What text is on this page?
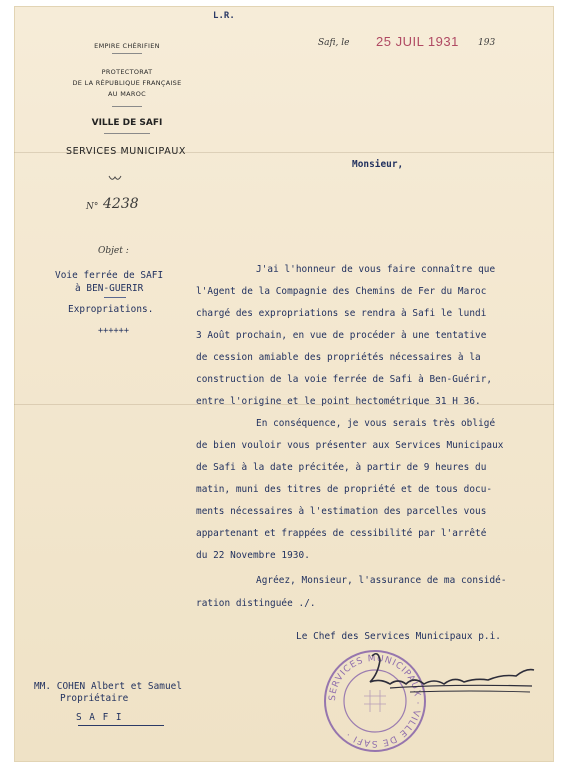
L.R.
EMPIRE CHÉRIFIEN
PROTECTORAT
DE LA RÉPUBLIQUE FRANÇAISE
AU MAROC
VILLE DE SAFI
SERVICES MUNICIPAUX
Safi, le 25 JUIL 1931 193
N° 4238
Objet :
Voie ferrée de SAFI
à BEN-GUERIR
Expropriations.
++++++
Monsieur,
J'ai l'honneur de vous faire connaître que
l'Agent de la Compagnie des Chemins de Fer du Maroc
chargé des expropriations se rendra à Safi le lundi
3 Août prochain, en vue de procéder à une tentative
de cession amiable des propriétés nécessaires à la
construction de la voie ferrée de Safi à Ben-Guérir,
entre l'origine et le point hectométrique 31 H 36.
En conséquence, je vous serais très obligé
de bien vouloir vous présenter aux Services Municipaux
de Safi à la date précitée, à partir de 9 heures du
matin, muni des titres de propriété et de tous docu-
ments nécessaires à l'estimation des parcelles vous
appartenant et frappées de cessibilité par l'arrêté
du 22 Novembre 1930.
Agréez, Monsieur, l'assurance de ma considé-
ration distinguée ./.
Le Chef des Services Municipaux p.i.
MM. COHEN Albert et Samuel
Propriétaire
S A F I
SERVICES MUNICIPAUX · VILLE DE SAFI ·
